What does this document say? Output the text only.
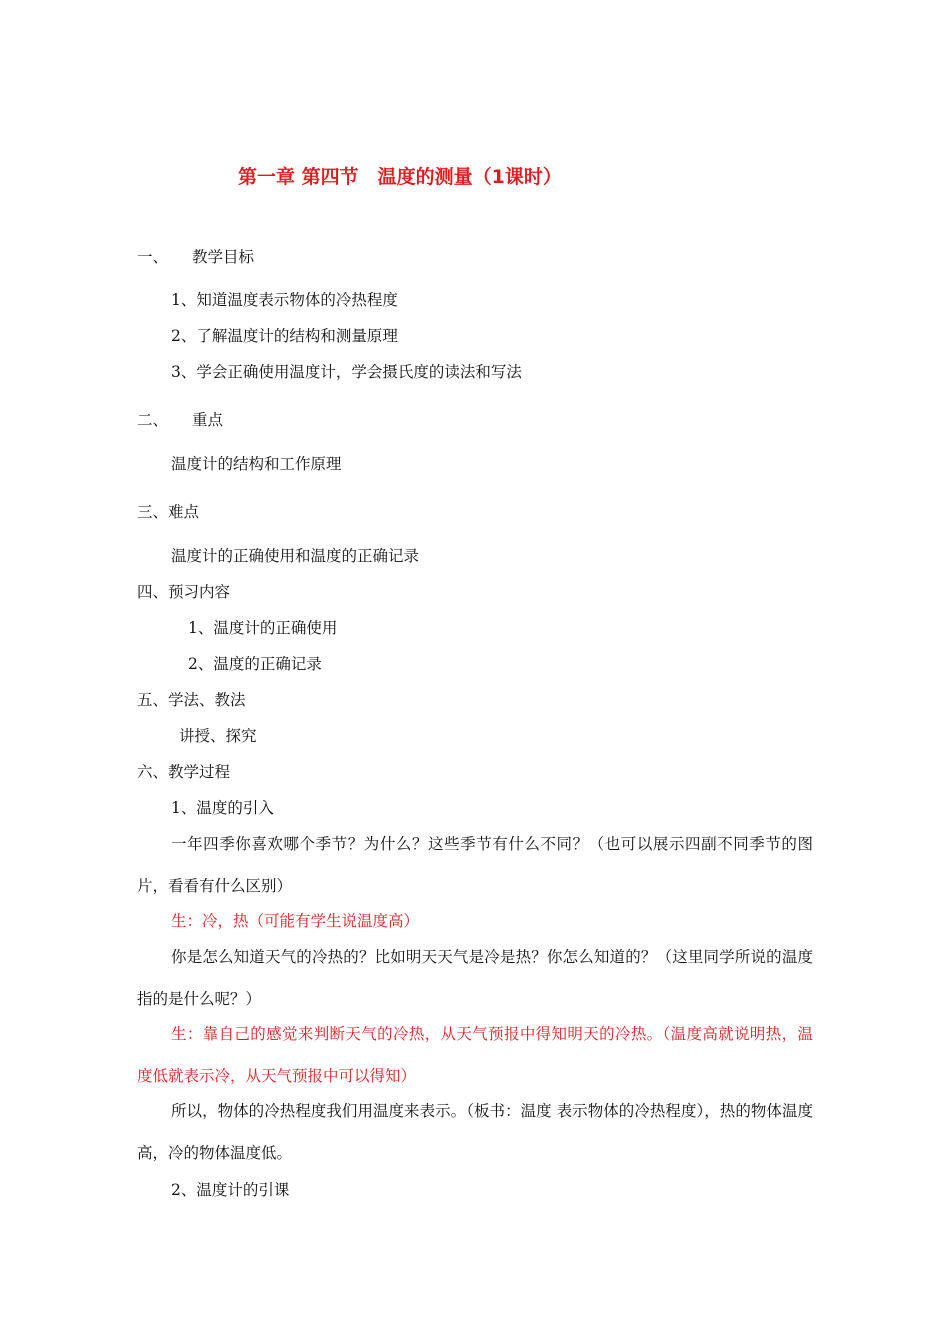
第一章 第四节　温度的测量（1课时）
一、 教学目标
1、知道温度表示物体的冷热程度
2、了解温度计的结构和测量原理
3、学会正确使用温度计，学会摄氏度的读法和写法
二、 重点
温度计的结构和工作原理
三、难点
温度计的正确使用和温度的正确记录
四、预习内容
1、温度计的正确使用
2、温度的正确记录
五、学法、教法
讲授、探究
六、教学过程
1、温度的引入
一年四季你喜欢哪个季节？为什么？这些季节有什么不同？（也可以展示四副不同季节的图片，看看有什么区别）
生：冷，热（可能有学生说温度高）
你是怎么知道天气的冷热的？比如明天天气是冷是热？你怎么知道的？（这里同学所说的温度指的是什么呢？）
生：靠自己的感觉来判断天气的冷热，从天气预报中得知明天的冷热。（温度高就说明热，温度低就表示冷，从天气预报中可以得知）
所以，物体的冷热程度我们用温度来表示。（板书：温度 表示物体的冷热程度），热的物体温度高，冷的物体温度低。
2、温度计的引课
